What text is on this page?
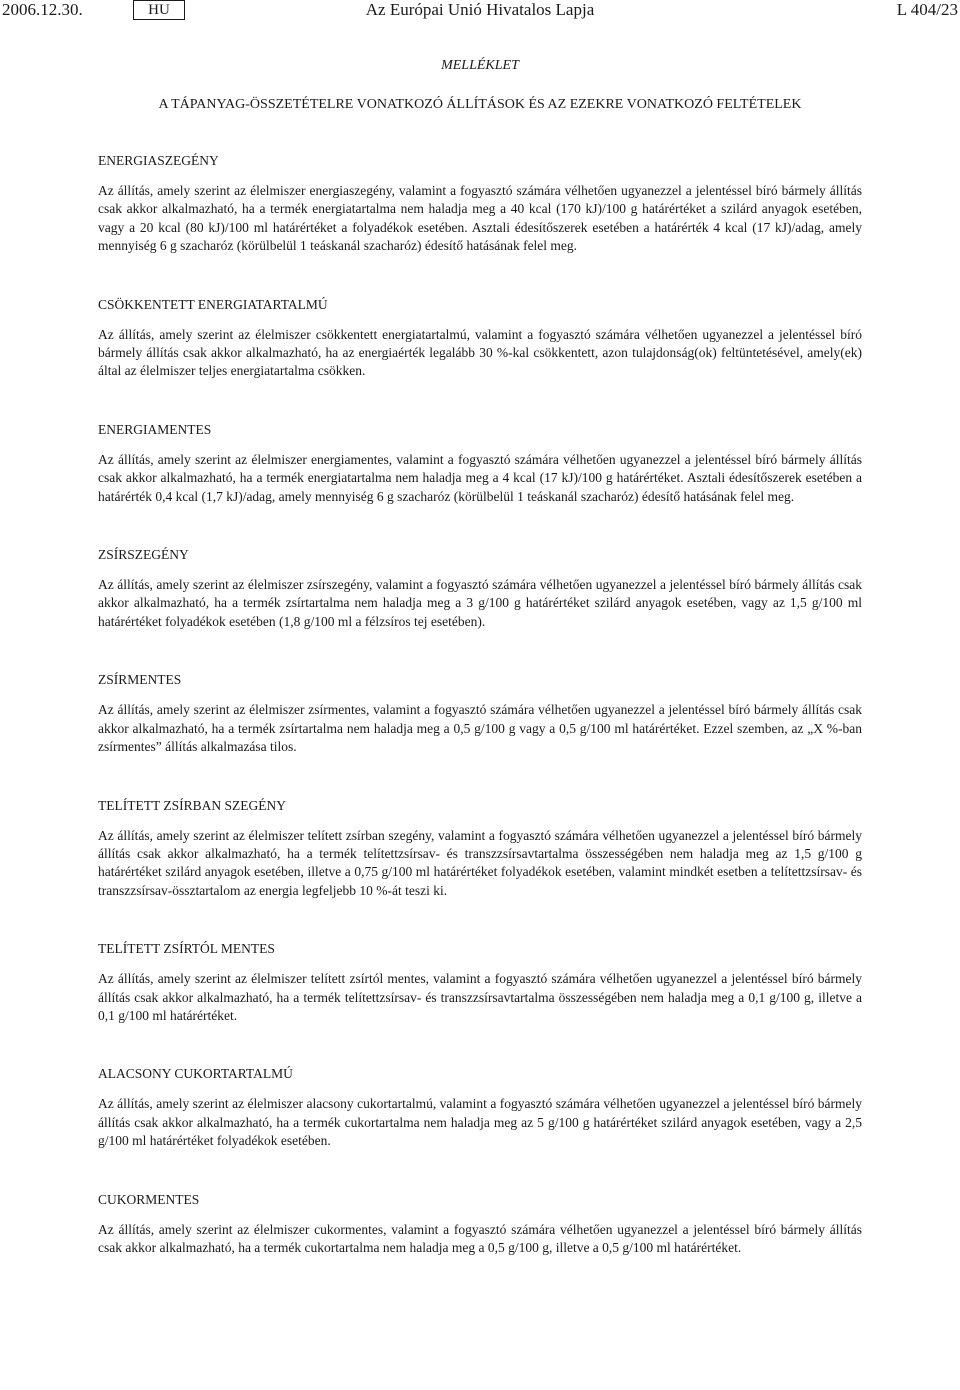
Az Európai Unió Hivatalos Lapja
2006.12.30.	HU	L 404/23
MELLÉKLET
A TÁPANYAG-ÖSSZETÉTELRE VONATKOZÓ ÁLLÍTÁSOK ÉS AZ EZEKRE VONATKOZÓ FELTÉTELEK
ENERGIASZEGÉNY

Az állítás, amely szerint az élelmiszer energiaszegény, valamint a fogyasztó számára vélhetően ugyanezzel a jelentéssel bíró bármely állítás csak akkor alkalmazható, ha a termék energiatartalma nem haladja meg a 40 kcal (170 kJ)/100 g határértéket a szilárd anyagok esetében, vagy a 20 kcal (80 kJ)/100 ml határértéket a folyadékok esetében. Asztali édesítőszerek esetében a határérték 4 kcal (17 kJ)/adag, amely mennyiség 6 g szacharóz (körülbelül 1 teáskanál szacharóz) édesítő hatásának felel meg.

CSÖKKENTETT ENERGIATARTALMÚ

Az állítás, amely szerint az élelmiszer csökkentett energiatartalmú, valamint a fogyasztó számára vélhetően ugyanezzel a jelentéssel bíró bármely állítás csak akkor alkalmazható, ha az energiaérték legalább 30 %-kal csökkentett, azon tulajdonság(ok) feltüntetésével, amely(ek) által az élelmiszer teljes energiatartalma csökken.

ENERGIAMENTES

Az állítás, amely szerint az élelmiszer energiamentes, valamint a fogyasztó számára vélhetően ugyanezzel a jelentéssel bíró bármely állítás csak akkor alkalmazható, ha a termék energiatartalma nem haladja meg a 4 kcal (17 kJ)/100 g határértéket. Asztali édesítőszerek esetében a határérték 0,4 kcal (1,7 kJ)/adag, amely mennyiség 6 g szacharóz (körülbelül 1 teáskanál szacharóz) édesítő hatásának felel meg.

ZSÍRSZEGÉNY

Az állítás, amely szerint az élelmiszer zsírszegény, valamint a fogyasztó számára vélhetően ugyanezzel a jelentéssel bíró bármely állítás csak akkor alkalmazható, ha a termék zsírtartalma nem haladja meg a 3 g/100 g határértéket szilárd anyagok esetében, vagy az 1,5 g/100 ml határértéket folyadékok esetében (1,8 g/100 ml a félzsíros tej esetében).

ZSÍRMENTES

Az állítás, amely szerint az élelmiszer zsírmentes, valamint a fogyasztó számára vélhetően ugyanezzel a jelentéssel bíró bármely állítás csak akkor alkalmazható, ha a termék zsírtartalma nem haladja meg a 0,5 g/100 g vagy a 0,5 g/100 ml határértéket. Ezzel szemben, az „X %-ban zsírmentes” állítás alkalmazása tilos.

TELÍTETT ZSÍRBAN SZEGÉNY

Az állítás, amely szerint az élelmiszer telített zsírban szegény, valamint a fogyasztó számára vélhetően ugyanezzel a jelentéssel bíró bármely állítás csak akkor alkalmazható, ha a termék telítettzsírsav- és transzzsírsavtartalma összességében nem haladja meg az 1,5 g/100 g határértéket szilárd anyagok esetében, illetve a 0,75 g/100 ml határértéket folyadékok esetében, valamint mindkét esetben a telítettzsírsav- és transzzsírsav-össztartalom az energia legfeljebb 10 %-át teszi ki.

TELÍTETT ZSÍRTÓL MENTES

Az állítás, amely szerint az élelmiszer telített zsírtól mentes, valamint a fogyasztó számára vélhetően ugyanezzel a jelentéssel bíró bármely állítás csak akkor alkalmazható, ha a termék telítettzsírsav- és transzzsírsavtartalma összességében nem haladja meg a 0,1 g/100 g, illetve a 0,1 g/100 ml határértéket.

ALACSONY CUKORTARTALMÚ

Az állítás, amely szerint az élelmiszer alacsony cukortartalmú, valamint a fogyasztó számára vélhetően ugyanezzel a jelentéssel bíró bármely állítás csak akkor alkalmazható, ha a termék cukortartalma nem haladja meg az 5 g/100 g határértéket szilárd anyagok esetében, vagy a 2,5 g/100 ml határértéket folyadékok esetében.

CUKORMENTES

Az állítás, amely szerint az élelmiszer cukormentes, valamint a fogyasztó számára vélhetően ugyanezzel a jelentéssel bíró bármely állítás csak akkor alkalmazható, ha a termék cukortartalma nem haladja meg a 0,5 g/100 g, illetve a 0,5 g/100 ml határértéket.
